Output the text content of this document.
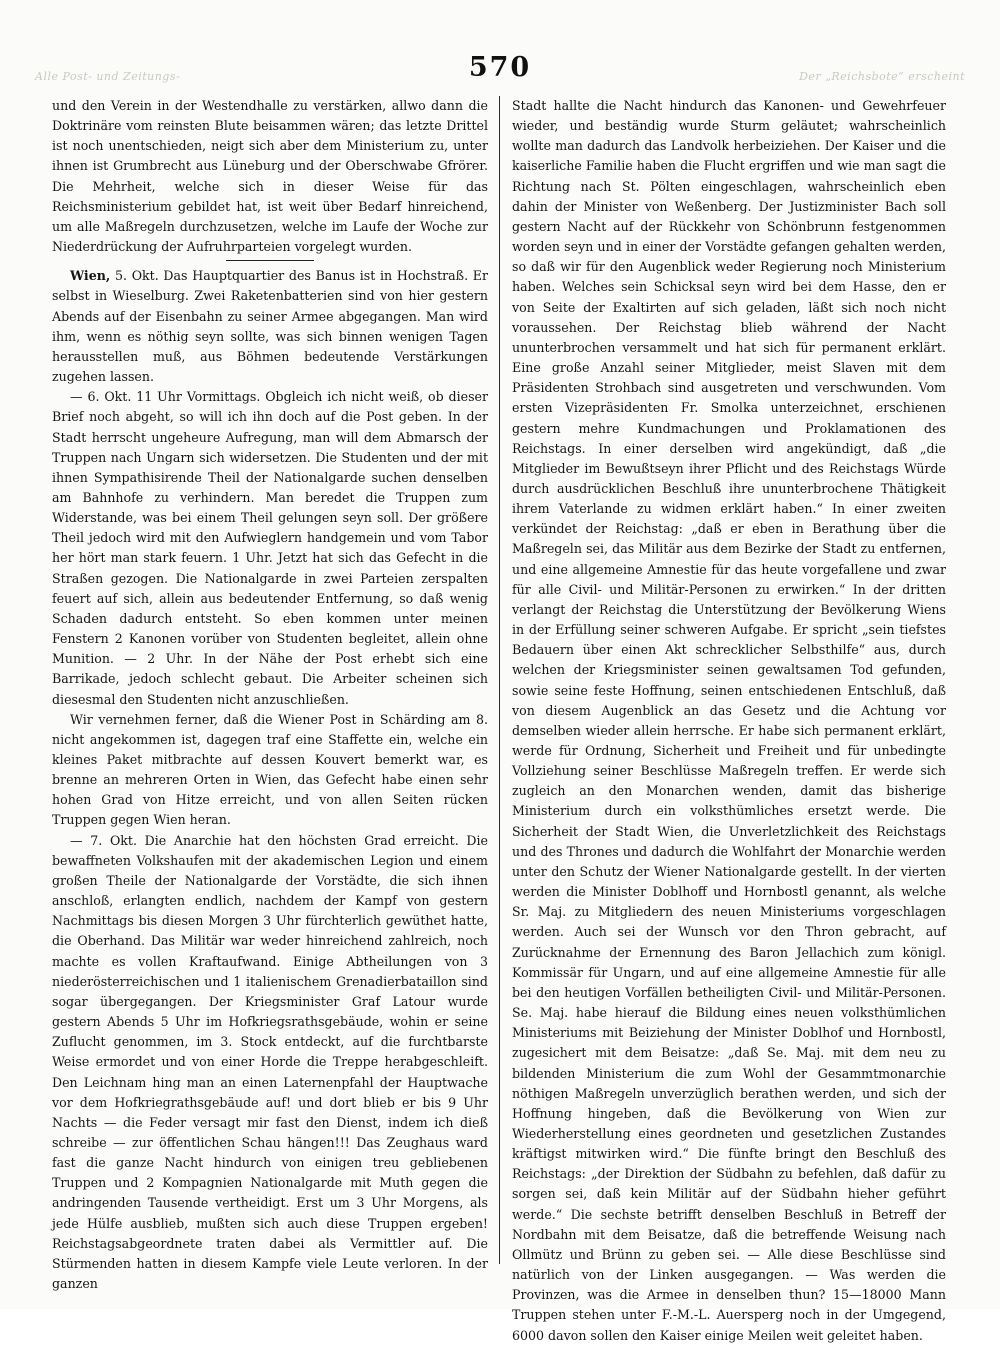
Alle Post- und Zeitungs-	Der „Reichsbote“ erscheint
570

und den Verein in der Westendhalle zu verstärken, allwo dann die Doktrinäre vom reinsten Blute beisammen wären; das letzte Drittel ist noch unentschieden, neigt sich aber dem Ministerium zu, unter ihnen ist Grumbrecht aus Lüneburg und der Oberschwabe Gfrörer. Die Mehrheit, welche sich in dieser Weise für das Reichsministerium gebildet hat, ist weit über Bedarf hinreichend, um alle Maßregeln durchzusetzen, welche im Laufe der Woche zur Niederdrückung der Aufruhrparteien vorgelegt wurden.

Wien, 5. Okt. Das Hauptquartier des Banus ist in Hochstraß. Er selbst in Wieselburg. Zwei Raketenbatterien sind von hier gestern Abends auf der Eisenbahn zu seiner Armee abgegangen. Man wird ihm, wenn es nöthig seyn sollte, was sich binnen wenigen Tagen herausstellen muß, aus Böhmen bedeutende Verstärkungen zugehen lassen.

— 6. Okt. 11 Uhr Vormittags. Obgleich ich nicht weiß, ob dieser Brief noch abgeht, so will ich ihn doch auf die Post geben. In der Stadt herrscht ungeheure Aufregung, man will dem Abmarsch der Truppen nach Ungarn sich widersetzen. Die Studenten und der mit ihnen Sympathisirende Theil der Nationalgarde suchen denselben am Bahnhofe zu verhindern. Man beredet die Truppen zum Widerstande, was bei einem Theil gelungen seyn soll. Der größere Theil jedoch wird mit den Aufwieglern handgemein und vom Tabor her hört man stark feuern. 1 Uhr. Jetzt hat sich das Gefecht in die Straßen gezogen. Die Nationalgarde in zwei Parteien zerspalten feuert auf sich, allein aus bedeutender Entfernung, so daß wenig Schaden dadurch entsteht. So eben kommen unter meinen Fenstern 2 Kanonen vorüber von Studenten begleitet, allein ohne Munition. — 2 Uhr. In der Nähe der Post erhebt sich eine Barrikade, jedoch schlecht gebaut. Die Arbeiter scheinen sich diesesmal den Studenten nicht anzuschließen.

Wir vernehmen ferner, daß die Wiener Post in Schärding am 8. nicht angekommen ist, dagegen traf eine Staffette ein, welche ein kleines Paket mitbrachte auf dessen Kouvert bemerkt war, es brenne an mehreren Orten in Wien, das Gefecht habe einen sehr hohen Grad von Hitze erreicht, und von allen Seiten rücken Truppen gegen Wien heran.

— 7. Okt. Die Anarchie hat den höchsten Grad erreicht. Die bewaffneten Volkshaufen mit der akademischen Legion und einem großen Theile der Nationalgarde der Vorstädte, die sich ihnen anschloß, erlangten endlich, nachdem der Kampf von gestern Nachmittags bis diesen Morgen 3 Uhr fürchterlich gewüthet hatte, die Oberhand. Das Militär war weder hinreichend zahlreich, noch machte es vollen Kraftaufwand. Einige Abtheilungen von 3 niederösterreichischen und 1 italienischem Grenadierbataillon sind sogar übergegangen. Der Kriegsminister Graf Latour wurde gestern Abends 5 Uhr im Hofkriegsrathsgebäude, wohin er seine Zuflucht genommen, im 3. Stock entdeckt, auf die furchtbarste Weise ermordet und von einer Horde die Treppe herabgeschleift. Den Leichnam hing man an einen Laternenpfahl der Hauptwache vor dem Hofkriegrathsgebäude auf! und dort blieb er bis 9 Uhr Nachts — die Feder versagt mir fast den Dienst, indem ich dieß schreibe — zur öffentlichen Schau hängen!!! Das Zeughaus ward fast die ganze Nacht hindurch von einigen treu gebliebenen Truppen und 2 Kompagnien Nationalgarde mit Muth gegen die andringenden Tausende vertheidigt. Erst um 3 Uhr Morgens, als jede Hülfe ausblieb, mußten sich auch diese Truppen ergeben! Reichstagsabgeordnete traten dabei als Vermittler auf. Die Stürmenden hatten in diesem Kampfe viele Leute verloren. In der ganzen

Stadt hallte die Nacht hindurch das Kanonen- und Gewehrfeuer wieder, und beständig wurde Sturm geläutet; wahrscheinlich wollte man dadurch das Landvolk herbeiziehen. Der Kaiser und die kaiserliche Familie haben die Flucht ergriffen und wie man sagt die Richtung nach St. Pölten eingeschlagen, wahrscheinlich eben dahin der Minister von Weßenberg. Der Justizminister Bach soll gestern Nacht auf der Rückkehr von Schönbrunn festgenommen worden seyn und in einer der Vorstädte gefangen gehalten werden, so daß wir für den Augenblick weder Regierung noch Ministerium haben. Welches sein Schicksal seyn wird bei dem Hasse, den er von Seite der Exaltirten auf sich geladen, läßt sich noch nicht voraussehen. Der Reichstag blieb während der Nacht ununterbrochen versammelt und hat sich für permanent erklärt. Eine große Anzahl seiner Mitglieder, meist Slaven mit dem Präsidenten Strohbach sind ausgetreten und verschwunden. Vom ersten Vizepräsidenten Fr. Smolka unterzeichnet, erschienen gestern mehre Kundmachungen und Proklamationen des Reichstags. In einer derselben wird angekündigt, daß „die Mitglieder im Bewußtseyn ihrer Pflicht und des Reichstags Würde durch ausdrücklichen Beschluß ihre ununterbrochene Thätigkeit ihrem Vaterlande zu widmen erklärt haben.“ In einer zweiten verkündet der Reichstag: „daß er eben in Berathung über die Maßregeln sei, das Militär aus dem Bezirke der Stadt zu entfernen, und eine allgemeine Amnestie für das heute vorgefallene und zwar für alle Civil- und Militär-Personen zu erwirken.“ In der dritten verlangt der Reichstag die Unterstützung der Bevölkerung Wiens in der Erfüllung seiner schweren Aufgabe. Er spricht „sein tiefstes Bedauern über einen Akt schrecklicher Selbsthilfe“ aus, durch welchen der Kriegsminister seinen gewaltsamen Tod gefunden, sowie seine feste Hoffnung, seinen entschiedenen Entschluß, daß von diesem Augenblick an das Gesetz und die Achtung vor demselben wieder allein herrsche. Er habe sich permanent erklärt, werde für Ordnung, Sicherheit und Freiheit und für unbedingte Vollziehung seiner Beschlüsse Maßregeln treffen. Er werde sich zugleich an den Monarchen wenden, damit das bisherige Ministerium durch ein volksthümliches ersetzt werde. Die Sicherheit der Stadt Wien, die Unverletzlichkeit des Reichstags und des Thrones und dadurch die Wohlfahrt der Monarchie werden unter den Schutz der Wiener Nationalgarde gestellt. In der vierten werden die Minister Doblhoff und Hornbostl genannt, als welche Sr. Maj. zu Mitgliedern des neuen Ministeriums vorgeschlagen werden. Auch sei der Wunsch vor den Thron gebracht, auf Zurücknahme der Ernennung des Baron Jellachich zum königl. Kommissär für Ungarn, und auf eine allgemeine Amnestie für alle bei den heutigen Vorfällen betheiligten Civil- und Militär-Personen. Se. Maj. habe hierauf die Bildung eines neuen volksthümlichen Ministeriums mit Beiziehung der Minister Doblhof und Hornbostl, zugesichert mit dem Beisatze: „daß Se. Maj. mit dem neu zu bildenden Ministerium die zum Wohl der Gesammtmonarchie nöthigen Maßregeln unverzüglich berathen werden, und sich der Hoffnung hingeben, daß die Bevölkerung von Wien zur Wiederherstellung eines geordneten und gesetzlichen Zustandes kräftigst mitwirken wird.“ Die fünfte bringt den Beschluß des Reichstags: „der Direktion der Südbahn zu befehlen, daß dafür zu sorgen sei, daß kein Militär auf der Südbahn hieher geführt werde.“ Die sechste betrifft denselben Beschluß in Betreff der Nordbahn mit dem Beisatze, daß die betreffende Weisung nach Ollmütz und Brünn zu geben sei. — Alle diese Beschlüsse sind natürlich von der Linken ausgegangen. — Was werden die Provinzen, was die Armee in denselben thun? 15—18000 Mann Truppen stehen unter F.-M.-L. Auersperg noch in der Umgegend, 6000 davon sollen den Kaiser einige Meilen weit geleitet haben.
